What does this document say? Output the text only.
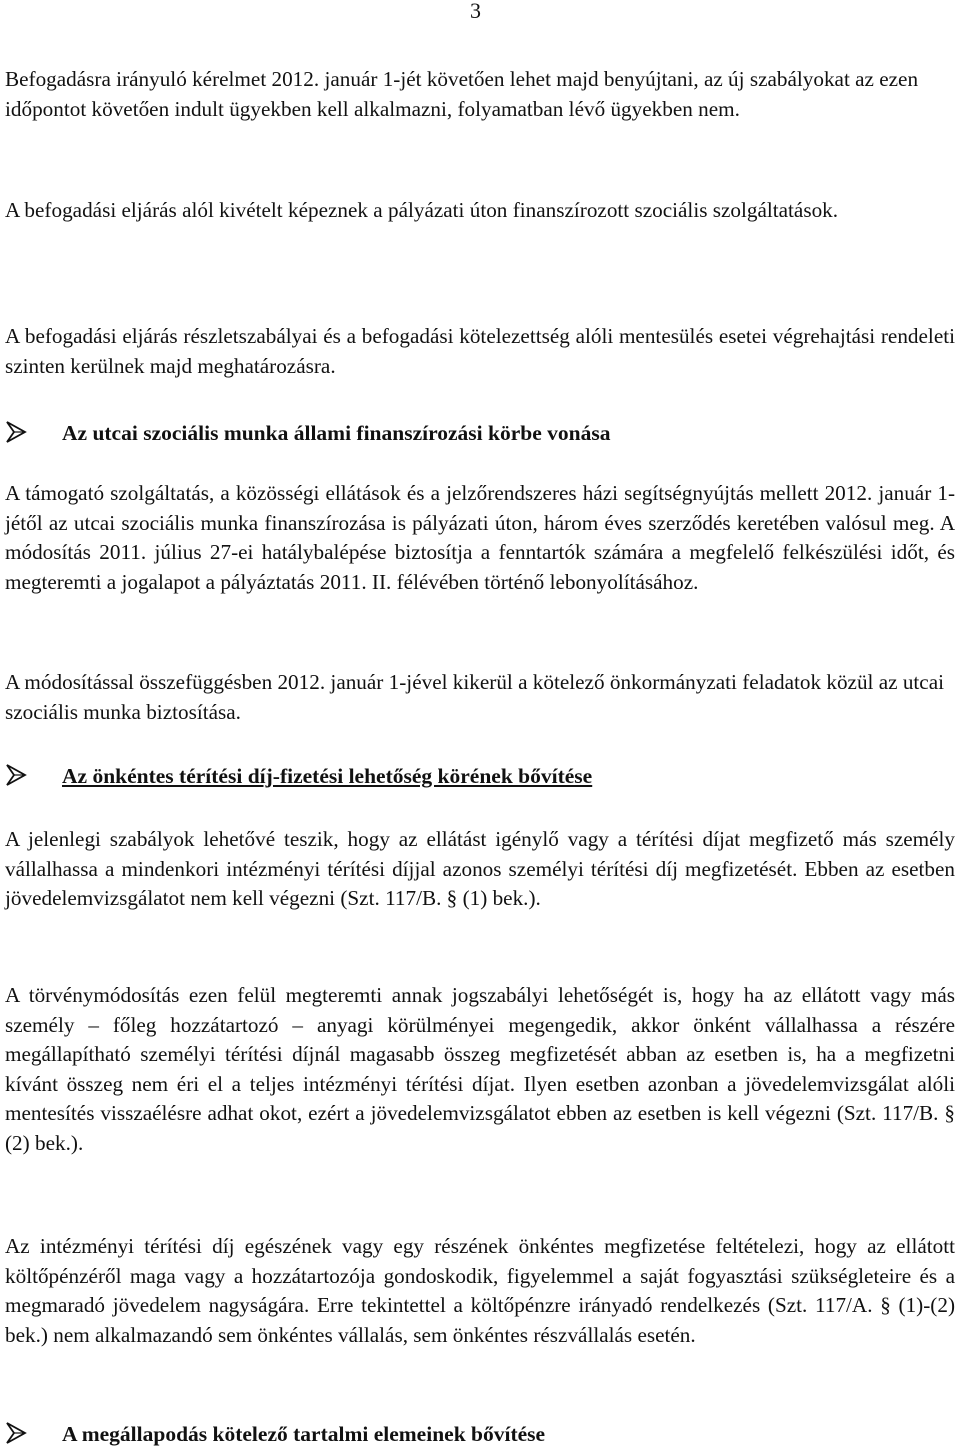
3

Befogadásra irányuló kérelmet 2012. január 1-jét követően lehet majd benyújtani, az új szabályokat az ezen időpontot követően indult ügyekben kell alkalmazni, folyamatban lévő ügyekben nem.

A befogadási eljárás alól kivételt képeznek a pályázati úton finanszírozott szociális szolgáltatások.

A befogadási eljárás részletszabályai és a befogadási kötelezettség alóli mentesülés esetei végrehajtási rendeleti szinten kerülnek majd meghatározásra.

Az utcai szociális munka állami finanszírozási körbe vonása

A támogató szolgáltatás, a közösségi ellátások és a jelzőrendszeres házi segítségnyújtás mellett 2012. január 1-jétől az utcai szociális munka finanszírozása is pályázati úton, három éves szerződés keretében valósul meg. A módosítás 2011. július 27-ei hatálybalépése biztosítja a fenntartók számára a megfelelő felkészülési időt, és megteremti a jogalapot a pályáztatás 2011. II. félévében történő lebonyolításához.

A módosítással összefüggésben 2012. január 1-jével kikerül a kötelező önkormányzati feladatok közül az utcai szociális munka biztosítása.

Az önkéntes térítési díj-fizetési lehetőség körének bővítése

A jelenlegi szabályok lehetővé teszik, hogy az ellátást igénylő vagy a térítési díjat megfizető más személy vállalhassa a mindenkori intézményi térítési díjjal azonos személyi térítési díj megfizetését. Ebben az esetben jövedelemvizsgálatot nem kell végezni (Szt. 117/B. § (1) bek.).

A törvénymódosítás ezen felül megteremti annak jogszabályi lehetőségét is, hogy ha az ellátott vagy más személy – főleg hozzátartozó – anyagi körülményei megengedik, akkor önként vállalhassa a részére megállapítható személyi térítési díjnál magasabb összeg megfizetését abban az esetben is, ha a megfizetni kívánt összeg nem éri el a teljes intézményi térítési díjat. Ilyen esetben azonban a jövedelemvizsgálat alóli mentesítés visszaélésre adhat okot, ezért a jövedelemvizsgálatot ebben az esetben is kell végezni (Szt. 117/B. § (2) bek.).

Az intézményi térítési díj egészének vagy egy részének önkéntes megfizetése feltételezi, hogy az ellátott költőpénzéről maga vagy a hozzátartozója gondoskodik, figyelemmel a saját fogyasztási szükségleteire és a megmaradó jövedelem nagyságára. Erre tekintettel a költőpénzre irányadó rendelkezés (Szt. 117/A. § (1)-(2) bek.) nem alkalmazandó sem önkéntes vállalás, sem önkéntes részvállalás esetén.

A megállapodás kötelező tartalmi elemeinek bővítése
